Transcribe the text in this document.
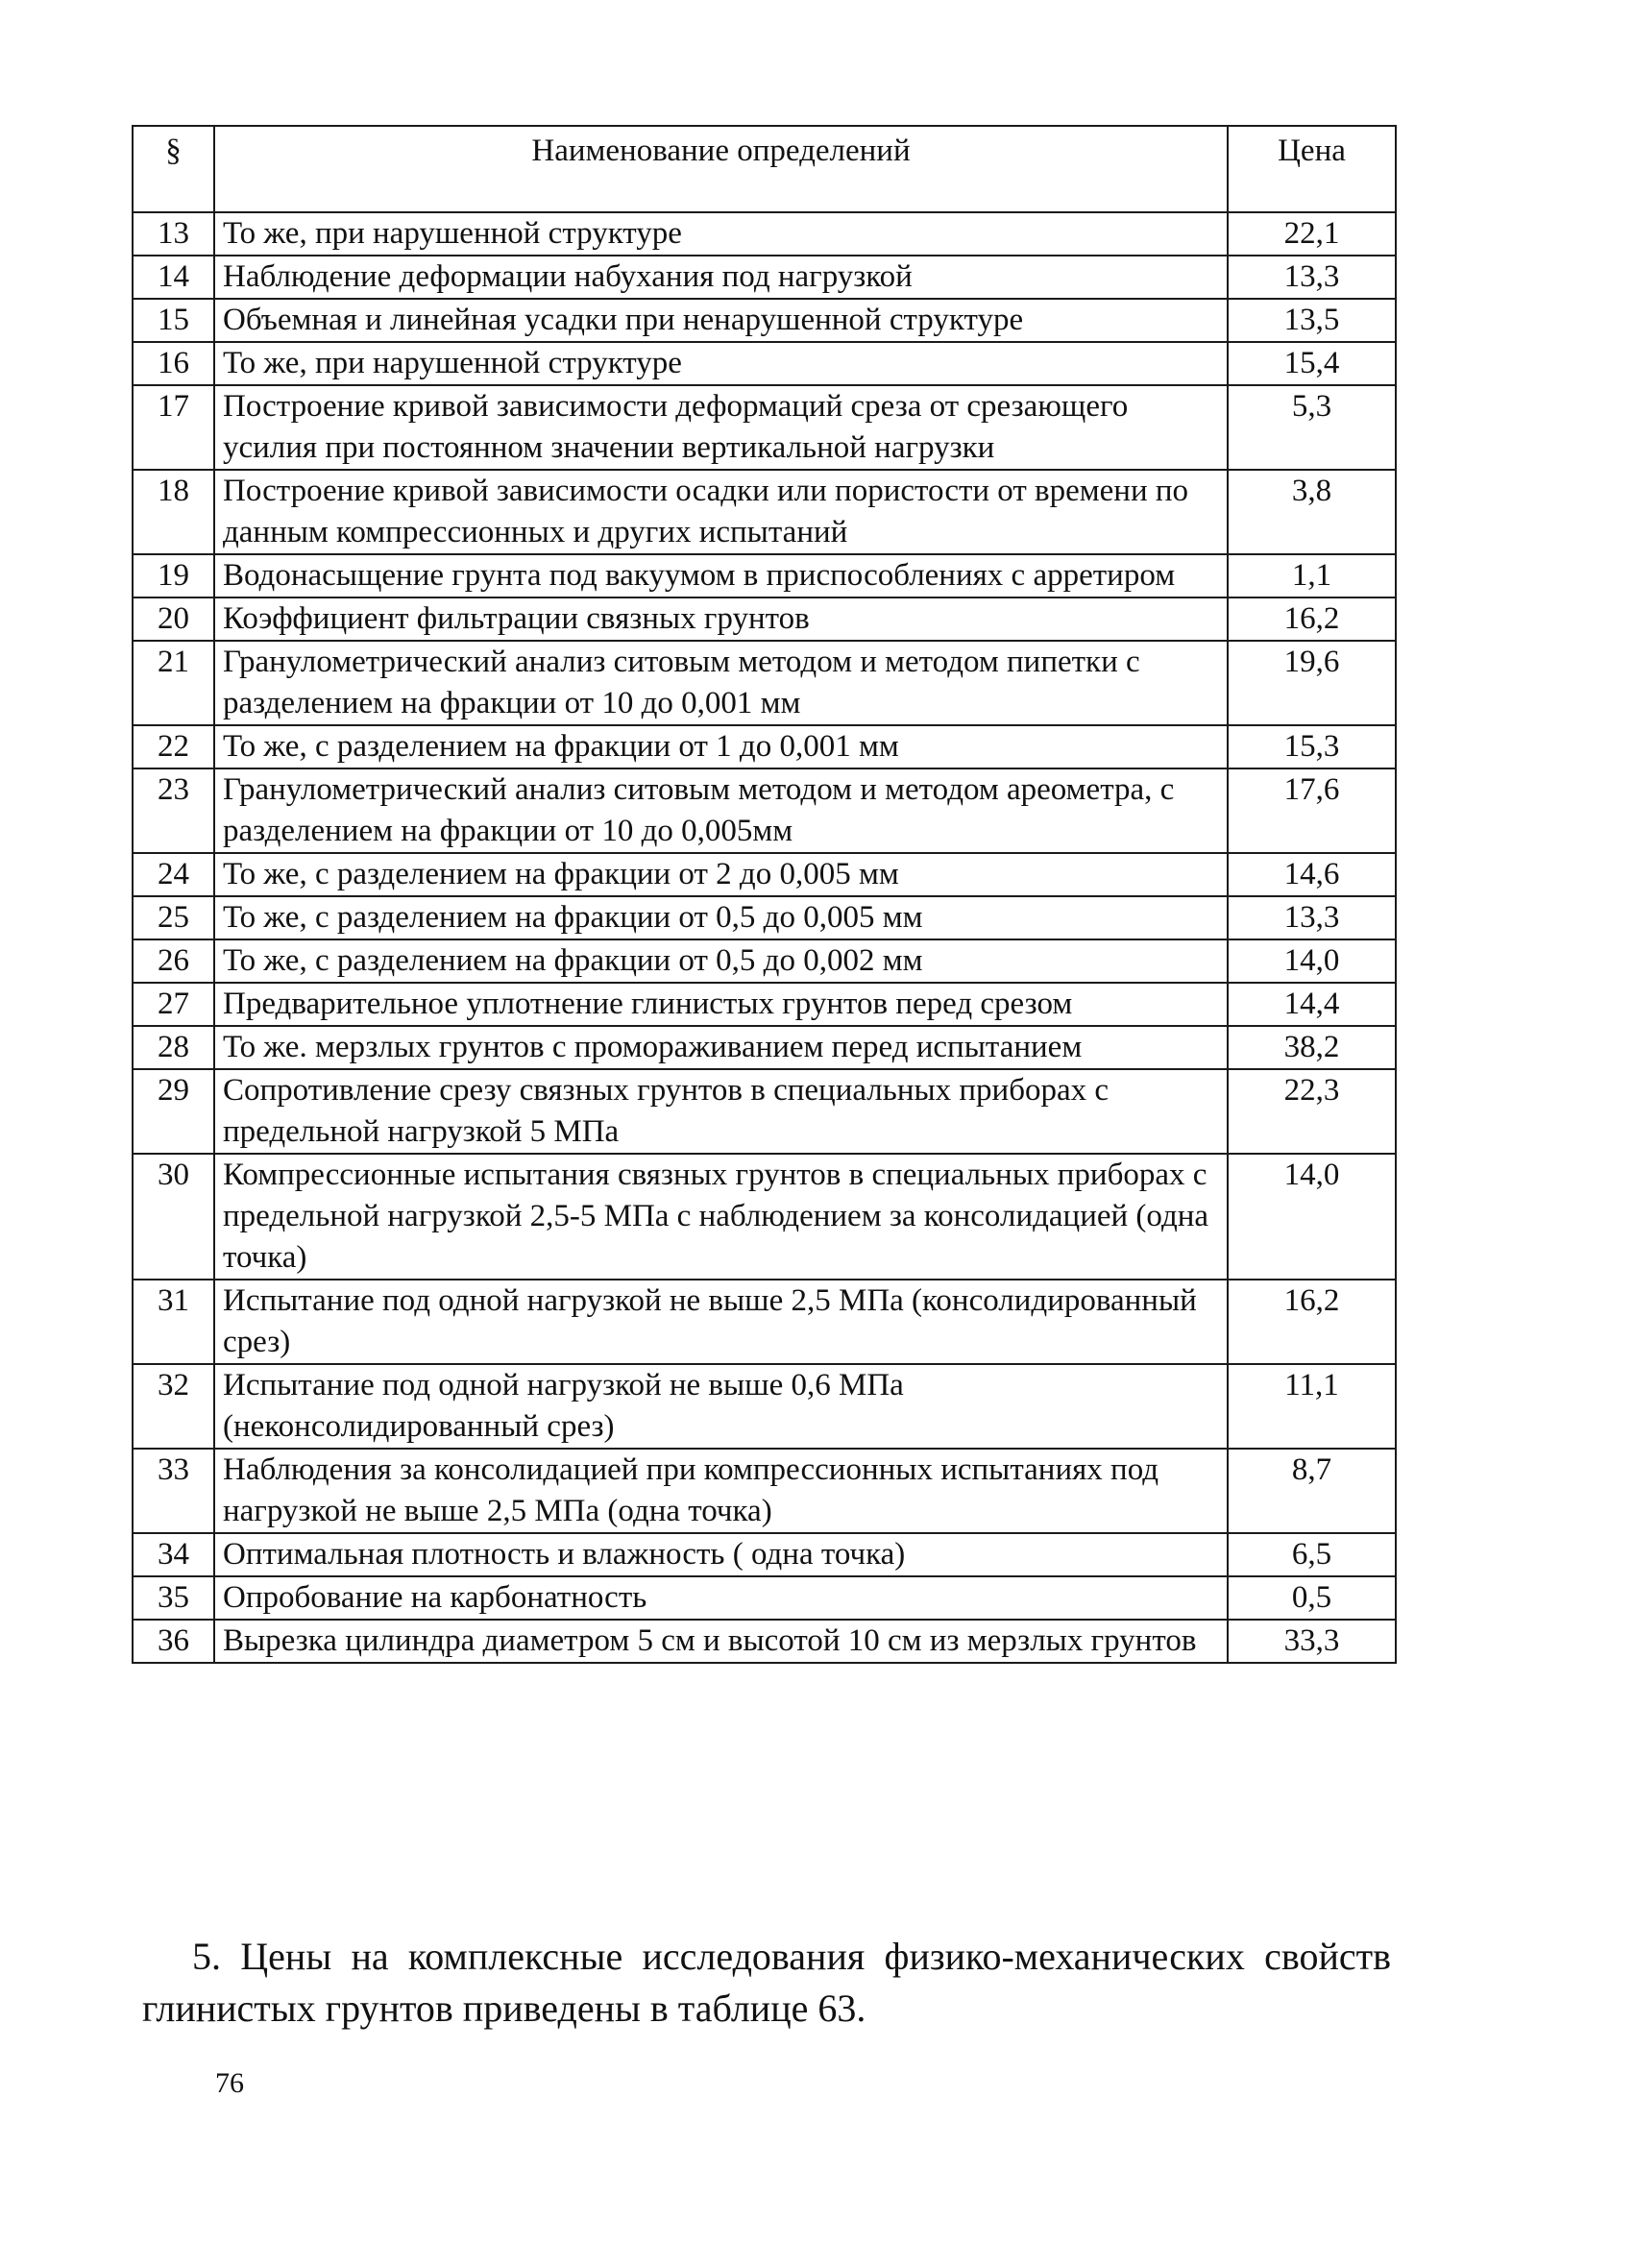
§	Наименование определений	Цена
13	То же, при нарушенной структуре	22,1
14	Наблюдение деформации набухания под нагрузкой	13,3
15	Объемная и линейная усадки при ненарушенной структуре	13,5
16	То же, при нарушенной структуре	15,4
17	Построение кривой зависимости деформаций среза от срезающего усилия при постоянном значении вертикальной нагрузки	5,3
18	Построение кривой зависимости осадки или пористости от времени по данным компрессионных и других испытаний	3,8
19	Водонасыщение грунта под вакуумом в приспособлениях с арретиром	1,1
20	Коэффициент фильтрации связных грунтов	16,2
21	Гранулометрический анализ ситовым методом и методом пипетки с разделением на фракции от 10 до 0,001 мм	19,6
22	То же, с разделением на фракции от 1 до 0,001 мм	15,3
23	Гранулометрический анализ ситовым методом и методом ареометра, с разделением на фракции от 10 до 0,005мм	17,6
24	То же, с разделением на фракции от 2 до 0,005 мм	14,6
25	То же, с разделением на фракции от 0,5 до 0,005 мм	13,3
26	То же, с разделением на фракции от 0,5 до 0,002 мм	14,0
27	Предварительное уплотнение глинистых грунтов перед срезом	14,4
28	То же. мерзлых грунтов с проморaживанием перед испытанием	38,2
29	Сопротивление срезу связных грунтов в специальных приборах с предельной нагрузкой 5 МПа	22,3
30	Компрессионные испытания связных грунтов в специальных приборах с предельной нагрузкой 2,5-5 МПа с наблюдением за консолидацией (одна точка)	14,0
31	Испытание под одной нагрузкой не выше 2,5 МПа (консолидированный срез)	16,2
32	Испытание под одной нагрузкой не выше 0,6 МПа (неконсолидированный срез)	11,1
33	Наблюдения за консолидацией при компрессионных испытаниях под нагрузкой не выше 2,5 МПа (одна точка)	8,7
34	Оптимальная плотность и влажность ( одна точка)	6,5
35	Опробование на карбонатность	0,5
36	Вырезка цилиндра диаметром 5 см и высотой 10 см из мерзлых грунтов	33,3

5. Цены на комплексные исследования физико-механических свойств глинистых грунтов приведены в таблице 63.

76
